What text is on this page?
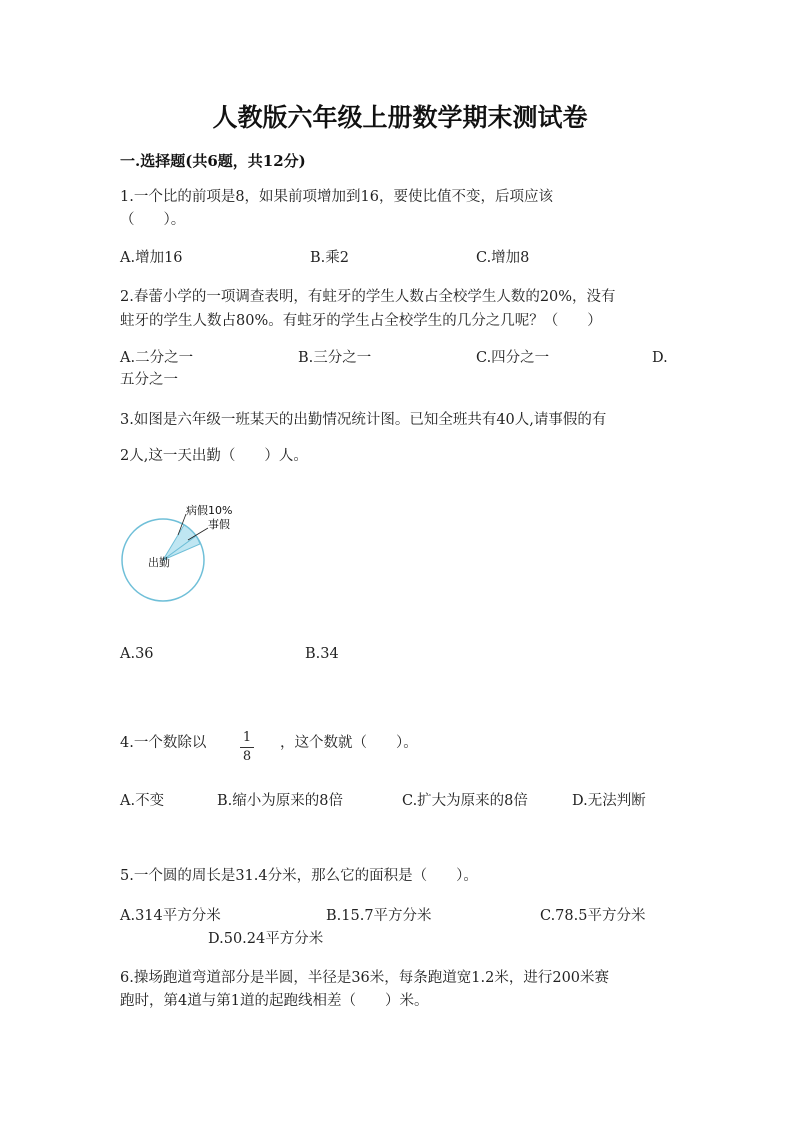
人教版六年级上册数学期末测试卷
一.选择题(共6题，共12分)
1.一个比的前项是8，如果前项增加到16，要使比值不变，后项应该
（　　）。
A.增加16	B.乘2	C.增加8
2.春蕾小学的一项调查表明，有蛀牙的学生人数占全校学生人数的20%，没有
蛀牙的学生人数占80%。有蛀牙的学生占全校学生的几分之几呢？（　　）
A.二分之一	B.三分之一	C.四分之一	D.
五分之一
3.如图是六年级一班某天的出勤情况统计图。已知全班共有40人,请事假的有
2人,这一天出勤（　　）人。
病假10%
事假
出勤
A.36	B.34
4.一个数除以	1
8
，这个数就（　　）。
A.不变	B.缩小为原来的8倍	C.扩大为原来的8倍	D.无法判断
5.一个圆的周长是31.4分米，那么它的面积是（　　）。
A.314平方分米	B.15.7平方分米	C.78.5平方分米
D.50.24平方分米
6.操场跑道弯道部分是半圆，半径是36米，每条跑道宽1.2米，进行200米赛
跑时，第4道与第1道的起跑线相差（　　）米。
